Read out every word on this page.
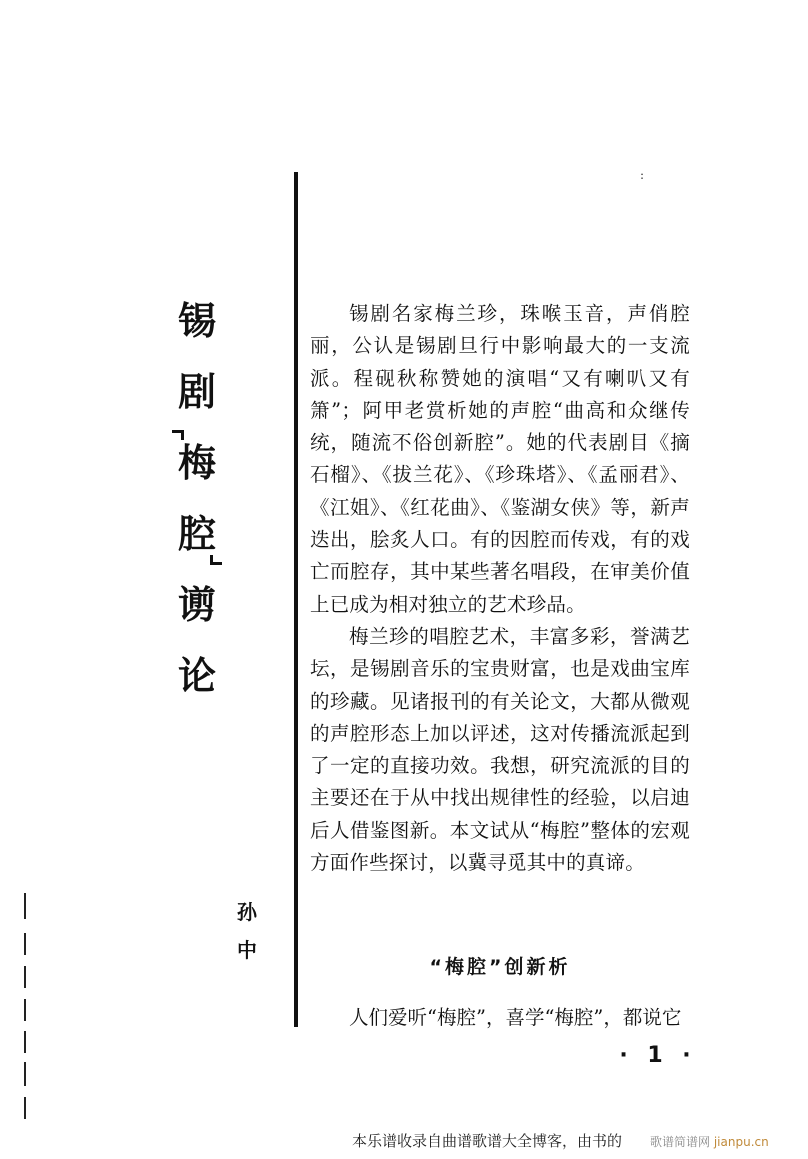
锡
剧
梅
腔
谫
论
孙
中
:

锡剧名家梅兰珍，珠喉玉音，声俏腔丽，公认是锡剧旦行中影响最大的一支流派。程砚秋称赞她的演唱“又有喇叭又有箫”；阿甲老赏析她的声腔“曲高和众继传统，随流不俗创新腔”。她的代表剧目《摘石榴》、《拔兰花》、《珍珠塔》、《孟丽君》、《江姐》、《红花曲》、《鉴湖女侠》等，新声迭出，脍炙人口。有的因腔而传戏，有的戏亡而腔存，其中某些著名唱段，在审美价值上已成为相对独立的艺术珍品。

梅兰珍的唱腔艺术，丰富多彩，誉满艺坛，是锡剧音乐的宝贵财富，也是戏曲宝库的珍藏。见诸报刊的有关论文，大都从微观的声腔形态上加以评述，这对传播流派起到了一定的直接功效。我想，研究流派的目的主要还在于从中找出规律性的经验，以启迪后人借鉴图新。本文试从“梅腔”整体的宏观方面作些探讨，以冀寻觅其中的真谛。

“梅腔”创新析
人们爱听“梅腔”，喜学“梅腔”，都说它
· 1 ·
本乐谱收录自曲谱歌谱大全博客，由书的 歌谱简谱网 jianpu.cn
